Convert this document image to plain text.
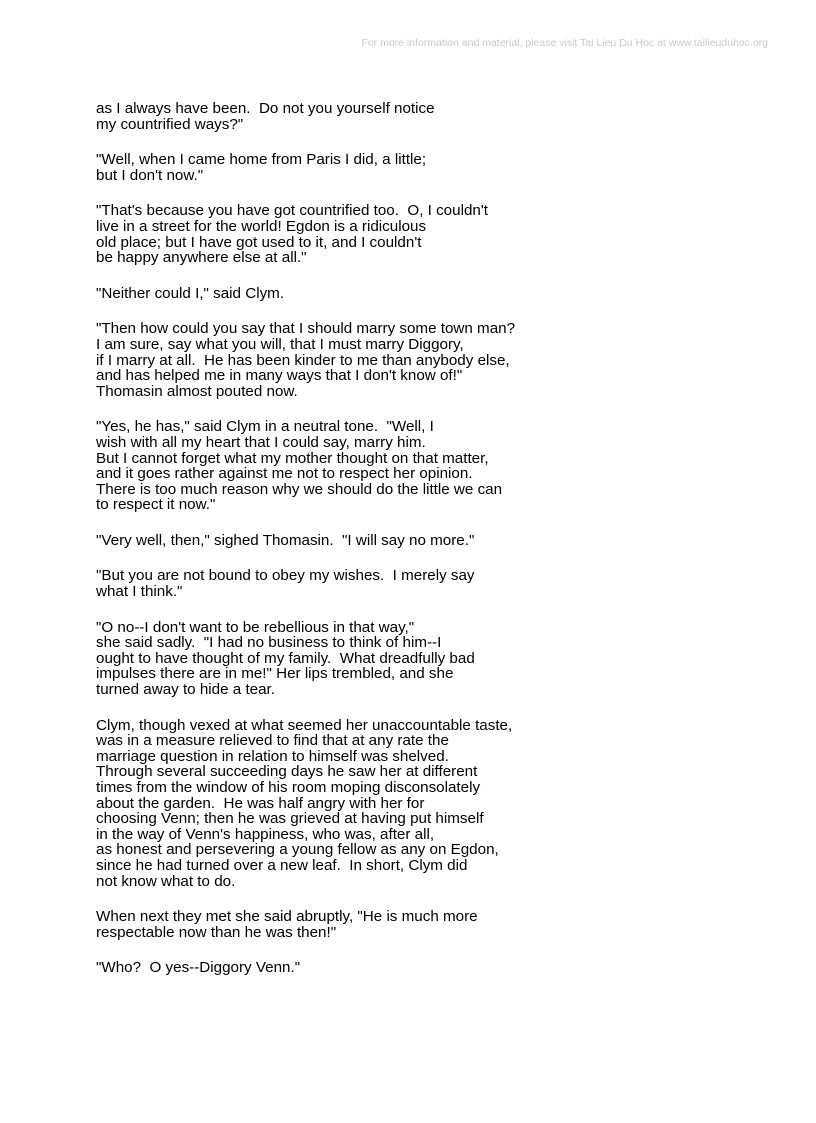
For more information and material, please visit Tai Lieu Du Hoc at www.tailieuduhoc.org

as I always have been.  Do not you yourself notice
my countrified ways?"

"Well, when I came home from Paris I did, a little;
but I don't now."

"That's because you have got countrified too.  O, I couldn't
live in a street for the world! Egdon is a ridiculous
old place; but I have got used to it, and I couldn't
be happy anywhere else at all."

"Neither could I," said Clym.

"Then how could you say that I should marry some town man?
I am sure, say what you will, that I must marry Diggory,
if I marry at all.  He has been kinder to me than anybody else,
and has helped me in many ways that I don't know of!"
Thomasin almost pouted now.

"Yes, he has," said Clym in a neutral tone.  "Well, I
wish with all my heart that I could say, marry him.
But I cannot forget what my mother thought on that matter,
and it goes rather against me not to respect her opinion.
There is too much reason why we should do the little we can
to respect it now."

"Very well, then," sighed Thomasin.  "I will say no more."

"But you are not bound to obey my wishes.  I merely say
what I think."

"O no--I don't want to be rebellious in that way,"
she said sadly.  "I had no business to think of him--I
ought to have thought of my family.  What dreadfully bad
impulses there are in me!" Her lips trembled, and she
turned away to hide a tear.

Clym, though vexed at what seemed her unaccountable taste,
was in a measure relieved to find that at any rate the
marriage question in relation to himself was shelved.
Through several succeeding days he saw her at different
times from the window of his room moping disconsolately
about the garden.  He was half angry with her for
choosing Venn; then he was grieved at having put himself
in the way of Venn's happiness, who was, after all,
as honest and persevering a young fellow as any on Egdon,
since he had turned over a new leaf.  In short, Clym did
not know what to do.

When next they met she said abruptly, "He is much more
respectable now than he was then!"

"Who?  O yes--Diggory Venn."
